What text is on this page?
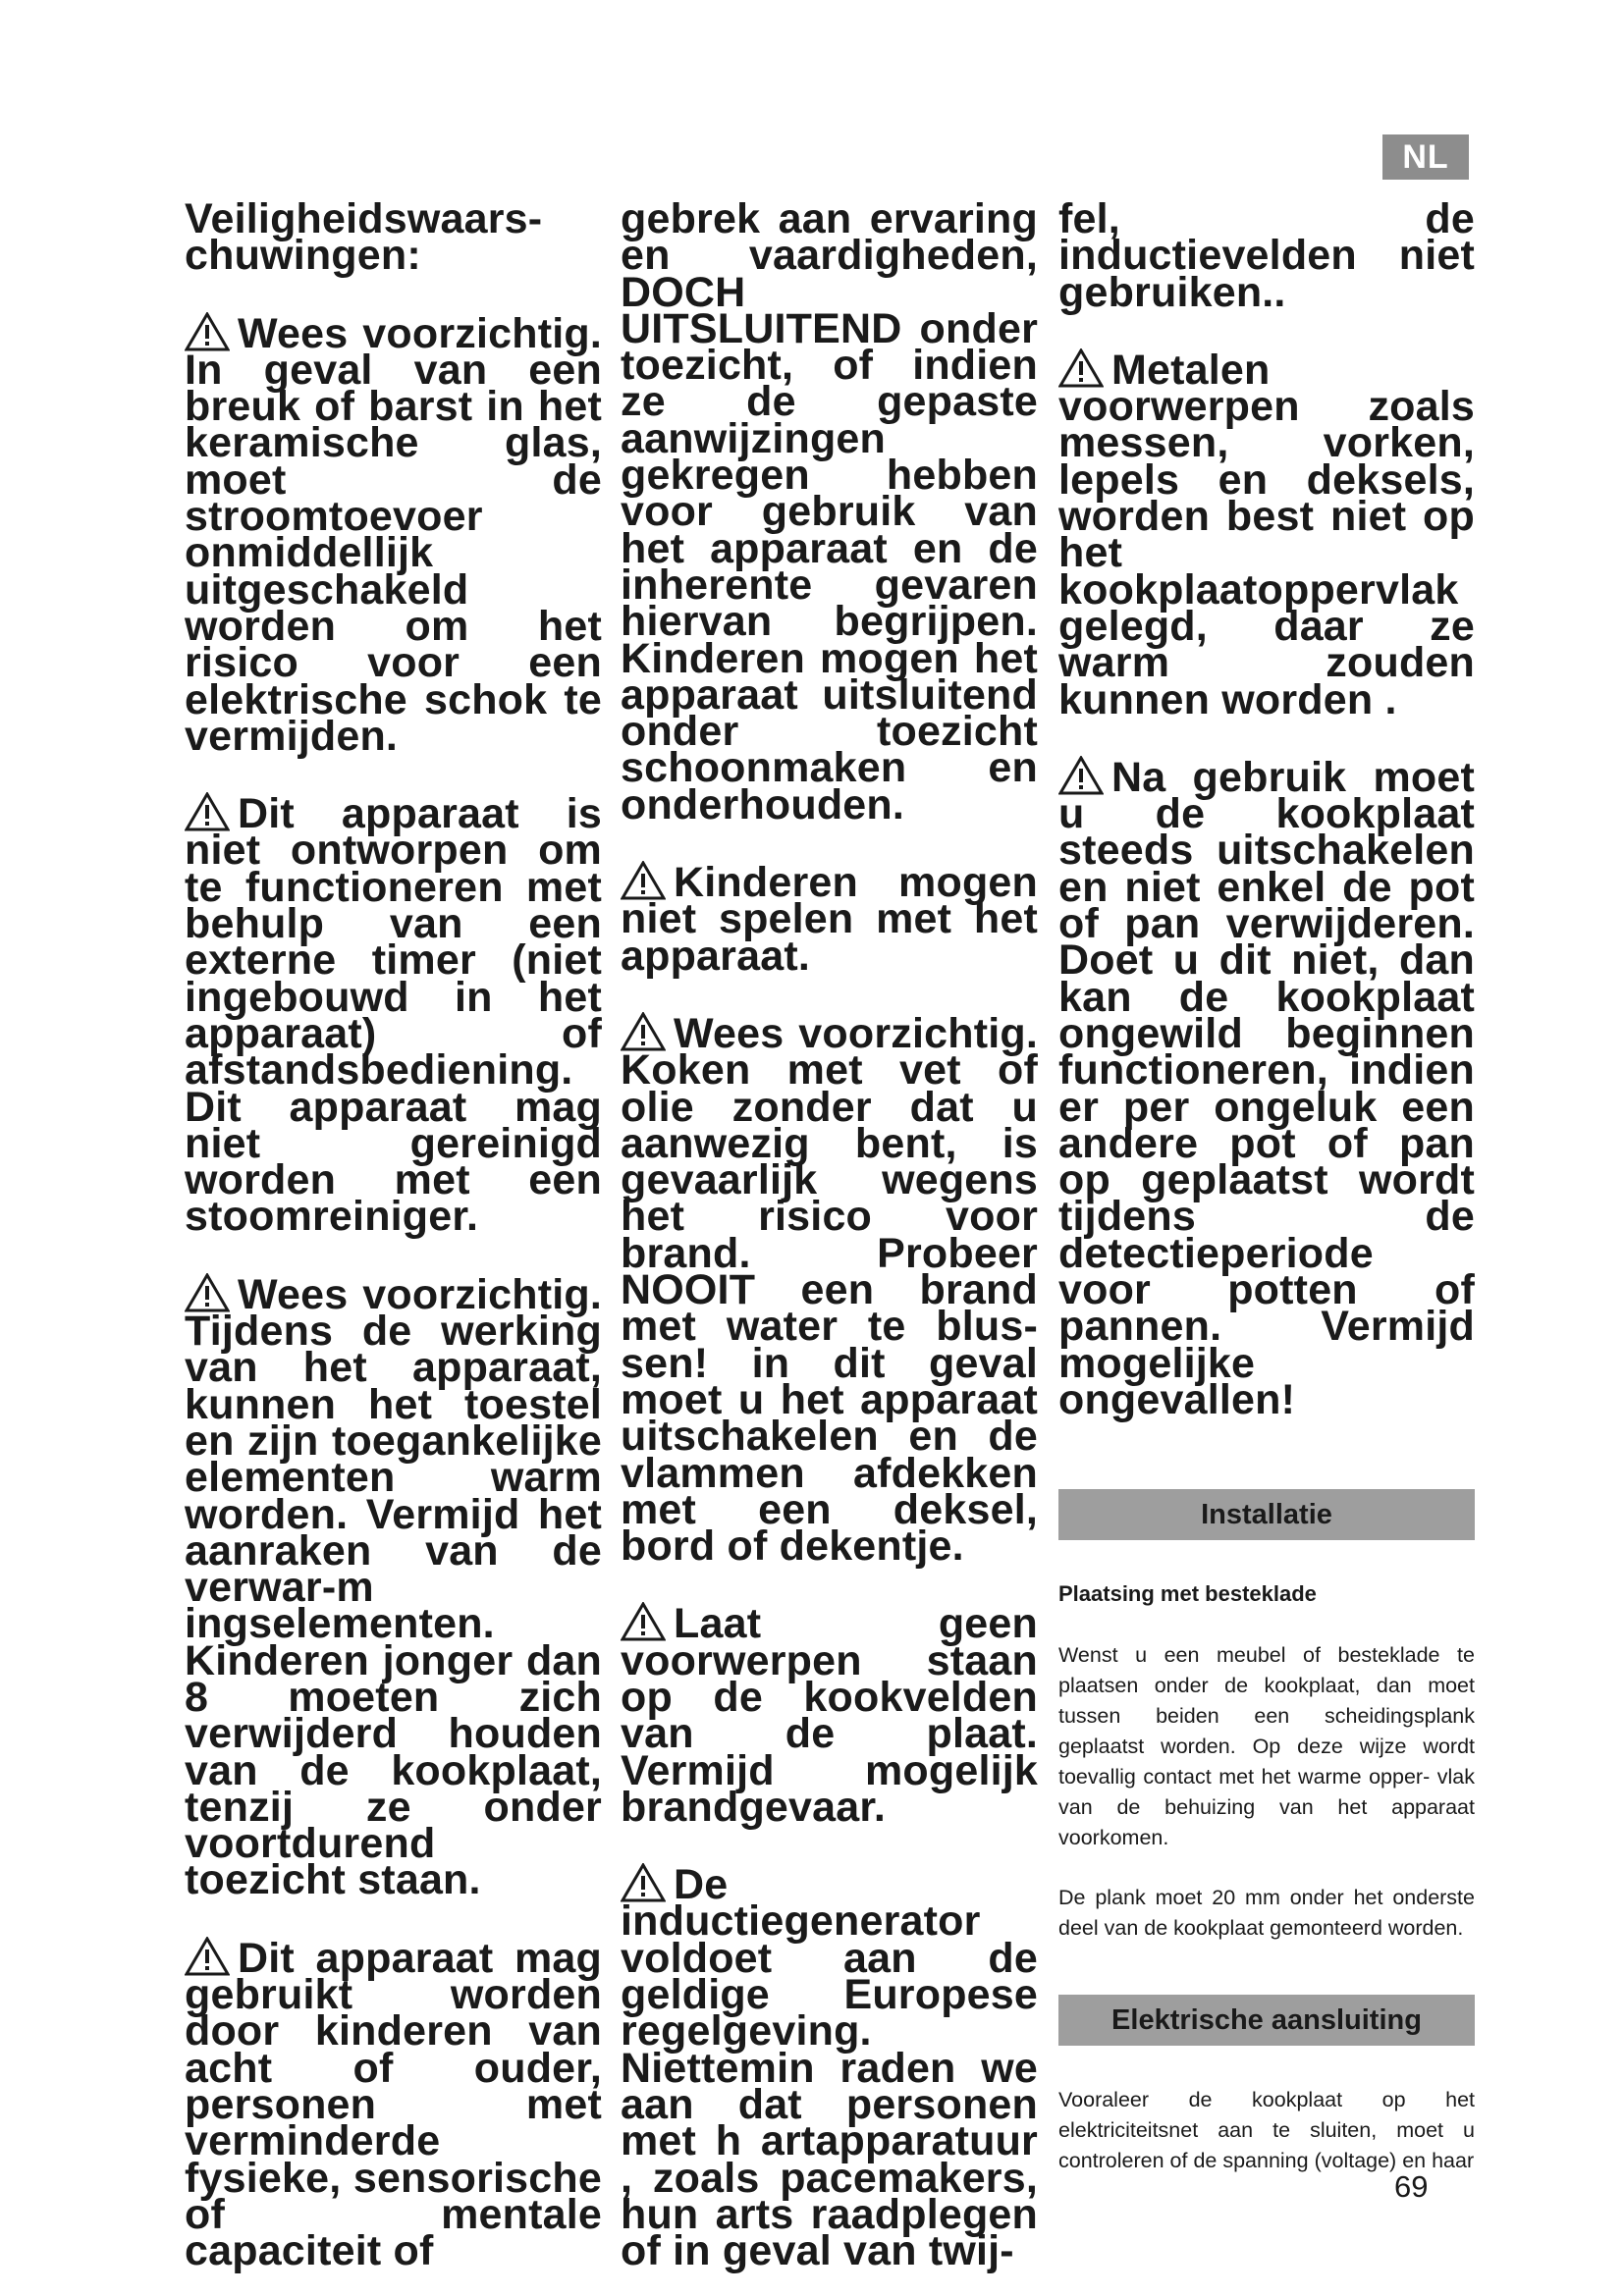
NL

Veiligheidswaars-chuwingen:

Wees voorzichtig. In geval van een breuk of barst in het keramische glas, moet de stroomtoevoer onmiddellijk uitgeschakeld worden om het risico voor een elektrische schok te vermijden.

Dit apparaat is niet ontworpen om te functioneren met behulp van een externe timer (niet ingebouwd in het apparaat) of afstandsbediening. Dit apparaat mag niet gereinigd worden met een stoomreiniger.

Wees voorzichtig. Tijdens de werking van het apparaat, kunnen het toestel en zijn toegankelijke elementen warm worden. Vermijd het aanraken van de verwar-m ingselementen. Kinderen jonger dan 8 moeten zich verwijderd houden van de kookplaat, tenzij ze onder voortdurend toezicht staan.

Dit apparaat mag gebruikt worden door kinderen van acht of ouder, personen met verminderde fysieke, sensorische of mentale capaciteit of

gebrek aan ervaring en vaardigheden, DOCH UITSLUITEND onder toezicht, of indien ze de gepaste aanwijzingen gekregen hebben voor gebruik van het apparaat en de inherente gevaren hiervan begrijpen. Kinderen mogen het apparaat uitsluitend onder toezicht schoonmaken en onderhouden.

Kinderen mogen niet spelen met het apparaat.

Wees voorzichtig. Koken met vet of olie zonder dat u aanwezig bent, is gevaarlijk wegens het risico voor brand. Probeer NOOIT een brand met water te blus- sen! in dit geval moet u het apparaat uitschakelen en de vlammen afdekken met een deksel, bord of dekentje.

Laat geen voorwerpen staan op de kookvelden van de plaat. Vermijd mogelijk brandgevaar.

De inductiegenerator voldoet aan de geldige Europese regelgeving. Niettemin raden we aan dat personen met h artapparatuur , zoals pacemakers, hun arts raadplegen of in geval van twij-

fel, de inductievelden niet gebruiken..

Metalen voorwerpen zoals messen, vorken, lepels en deksels, worden best niet op het kookplaatoppervlak gelegd, daar ze warm zouden kunnen worden .

Na gebruik moet u de kookplaat steeds uitschakelen en niet enkel de pot of pan verwijderen. Doet u dit niet, dan kan de kookplaat ongewild beginnen functioneren, indien er per ongeluk een andere pot of pan op geplaatst wordt tijdens de detectieperiode voor potten of pannen. Vermijd mogelijke ongevallen!

Installatie

Plaatsing met besteklade

Wenst u een meubel of besteklade te plaatsen onder de kookplaat, dan moet tussen beiden een scheidingsplank geplaatst worden. Op deze wijze wordt toevallig contact met het warme opper- vlak van de behuizing van het apparaat voorkomen.

De plank moet 20 mm onder het onderste deel van de kookplaat gemonteerd worden.

Elektrische aansluiting

Vooraleer de kookplaat op het elektriciteitsnet aan te sluiten, moet u controleren of de spanning (voltage) en haar

69
